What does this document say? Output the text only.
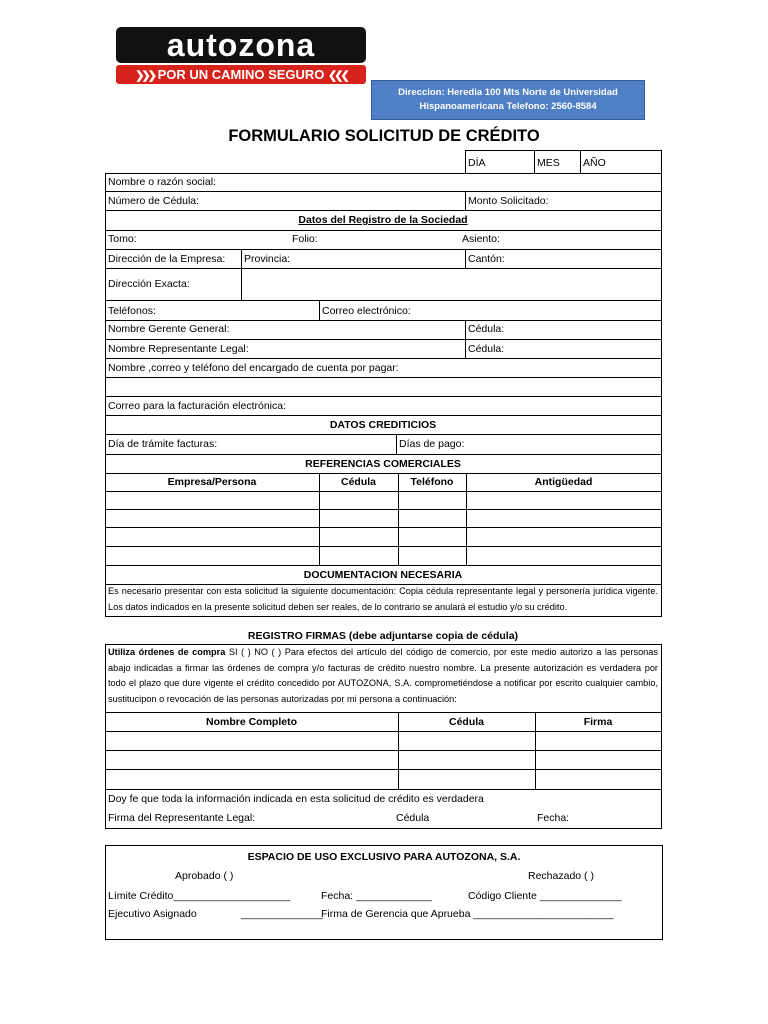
autozona
❯❯❯ POR UN CAMINO SEGURO ❮❮❮
Direccion: Heredia 100 Mts Norte de Universidad
Hispanoamericana Telefono: 2560-8584
FORMULARIO SOLICITUD DE CRÉDITO
DÍA	MES AÑO
Nombre o razón social:
Número de Cédula:	Monto Solicitado:
Datos del Registro de la Sociedad
Tomo:	Folio:	Asiento:
Dirección de la Empresa: Provincia:	Cantón:
Dirección Exacta:
Teléfonos:	Correo electrónico:
Nombre Gerente General:	Cédula:
Nombre Representante Legal:	Cédula:
Nombre ,correo y teléfono del encargado de cuenta por pagar:
Correo para la facturación electrónica:
DATOS CREDITICIOS
Día de trámite facturas:	Días de pago:
REFERENCIAS COMERCIALES
Empresa/Persona	Cédula	Teléfono	Antigüedad
DOCUMENTACION NECESARIA
Es necesario presentar con esta solicitud la siguiente documentación: Copia cédula representante legal y personería jurídica vigente. Los datos indicados en la presente solicitud deben ser reales, de lo contrario se anulará el estudio y/o su crédito.
REGISTRO FIRMAS (debe adjuntarse copia de cédula)
Utiliza órdenes de compra SI ( ) NO ( ) Para efectos del artículo del código de comercio, por este medio autorizo a las personas abajo indicadas a firmar las órdenes de compra y/o facturas de crédito nuestro nombre. La presente autorización es verdadera por todo el plazo que dure vigente el crédito concedido por AUTOZONA, S.A. comprometiéndose a notificar por escrito cualquier cambio, sustitucipon o revocación de las personas autorizadas por mi persona a continuación:
Nombre Completo	Cédula	Firma
Doy fe que toda la información indicada en esta solicitud de crédito es verdadera
Firma del Representante Legal:	Cédula	Fecha:
ESPACIO DE USO EXCLUSIVO PARA AUTOZONA, S.A.
Aprobado ( )	Rechazado ( )
Límite Crédito____________________	Fecha: _____________	Código Cliente ______________
Ejecutivo Asignado	______________
Firma de Gerencia que Aprueba ________________________
